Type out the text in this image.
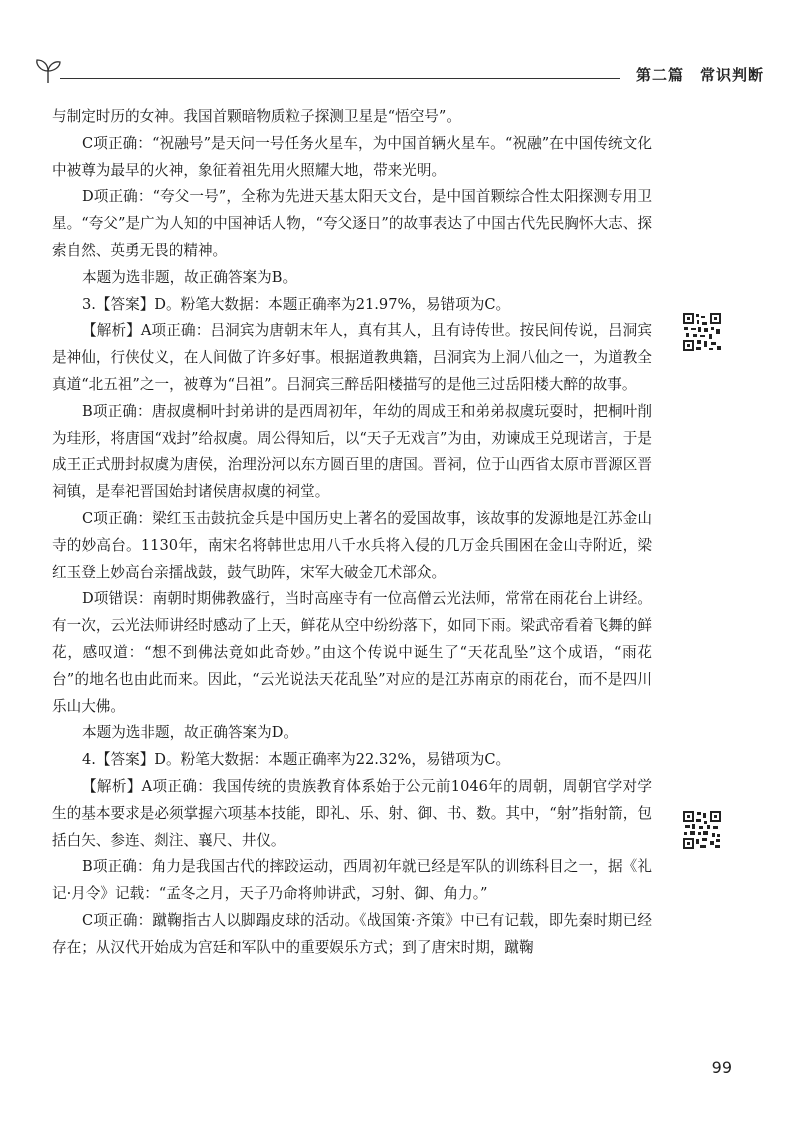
第二篇　常识判断

与制定时历的女神。我国首颗暗物质粒子探测卫星是“悟空号”。

C项正确：“祝融号”是天问一号任务火星车，为中国首辆火星车。“祝融”在中国传统文化中被尊为最早的火神，象征着祖先用火照耀大地，带来光明。

D项正确：“夸父一号”，全称为先进天基太阳天文台，是中国首颗综合性太阳探测专用卫星。“夸父”是广为人知的中国神话人物，“夸父逐日”的故事表达了中国古代先民胸怀大志、探索自然、英勇无畏的精神。

本题为选非题，故正确答案为B。

3.【答案】D。粉笔大数据：本题正确率为21.97%，易错项为C。

【解析】A项正确：吕洞宾为唐朝末年人，真有其人，且有诗传世。按民间传说，吕洞宾是神仙，行侠仗义，在人间做了许多好事。根据道教典籍，吕洞宾为上洞八仙之一，为道教全真道“北五祖”之一，被尊为“吕祖”。吕洞宾三醉岳阳楼描写的是他三过岳阳楼大醉的故事。

B项正确：唐叔虞桐叶封弟讲的是西周初年，年幼的周成王和弟弟叔虞玩耍时，把桐叶削为珪形，将唐国“戏封”给叔虞。周公得知后，以“天子无戏言”为由，劝谏成王兑现诺言，于是成王正式册封叔虞为唐侯，治理汾河以东方圆百里的唐国。晋祠，位于山西省太原市晋源区晋祠镇，是奉祀晋国始封诸侯唐叔虞的祠堂。

C项正确：梁红玉击鼓抗金兵是中国历史上著名的爱国故事，该故事的发源地是江苏金山寺的妙高台。1130年，南宋名将韩世忠用八千水兵将入侵的几万金兵围困在金山寺附近，梁红玉登上妙高台亲擂战鼓，鼓气助阵，宋军大破金兀术部众。

D项错误：南朝时期佛教盛行，当时高座寺有一位高僧云光法师，常常在雨花台上讲经。有一次，云光法师讲经时感动了上天，鲜花从空中纷纷落下，如同下雨。梁武帝看着飞舞的鲜花，感叹道：“想不到佛法竟如此奇妙。”由这个传说中诞生了“天花乱坠”这个成语，“雨花台”的地名也由此而来。因此，“云光说法天花乱坠”对应的是江苏南京的雨花台，而不是四川乐山大佛。

本题为选非题，故正确答案为D。

4.【答案】D。粉笔大数据：本题正确率为22.32%，易错项为C。

【解析】A项正确：我国传统的贵族教育体系始于公元前1046年的周朝，周朝官学对学生的基本要求是必须掌握六项基本技能，即礼、乐、射、御、书、数。其中，“射”指射箭，包括白矢、参连、剡注、襄尺、井仪。

B项正确：角力是我国古代的摔跤运动，西周初年就已经是军队的训练科目之一，据《礼记·月令》记载：“孟冬之月，天子乃命将帅讲武，习射、御、角力。”

C项正确：蹴鞠指古人以脚蹋皮球的活动。《战国策·齐策》中已有记载，即先秦时期已经存在；从汉代开始成为宫廷和军队中的重要娱乐方式；到了唐宋时期，蹴鞠

99
